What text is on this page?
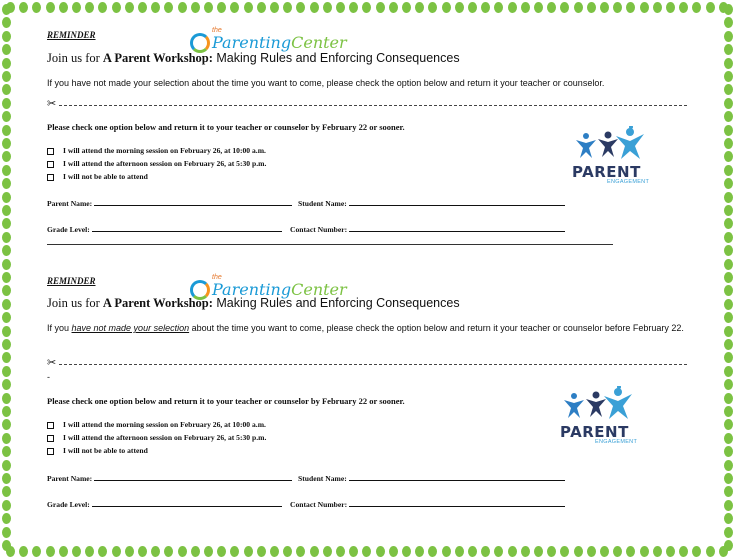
REMINDER	the
ParentingCenter
Join us for A Parent Workshop: Making Rules and Enforcing Consequences
If you have not made your selection about the time you want to come, please check the option below and return it your teacher or counselor.
✂
Please check one option below and return it to your teacher or counselor by February 22 or sooner.
I will attend the morning session on February 26, at 10:00 a.m.
I will attend the afternoon session on February 26, at 5:30 p.m.
I will not be able to attend	PARENT
ENGAGEMENT
Parent Name:	Student Name:
Grade Level:	Contact Number:
REMINDER	the
ParentingCenter
Join us for A Parent Workshop: Making Rules and Enforcing Consequences
If you have not made your selection about the time you want to come, please check the option below and return it your teacher or counselor before February 22.
✂
-
Please check one option below and return it to your teacher or counselor by February 22 or sooner.
I will attend the morning session on February 26, at 10:00 a.m.
I will attend the afternoon session on February 26, at 5:30 p.m.
I will not be able to attend
PARENT
ENGAGEMENT
Parent Name:	Student Name:
Grade Level:	Contact Number:
